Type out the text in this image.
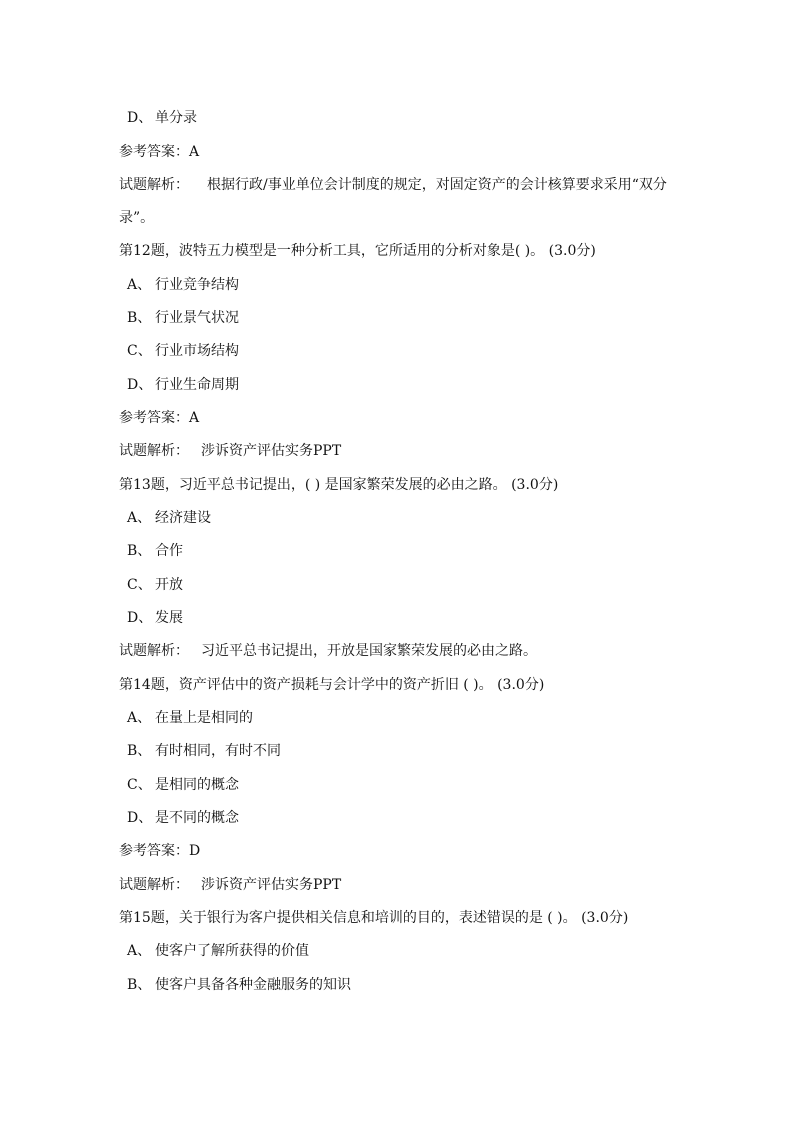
D、 单分录
参考答案：A
试题解析： 根据行政/事业单位会计制度的规定，对固定资产的会计核算要求采用“双分
录”。
第12题，波特五力模型是一种分析工具，它所适用的分析对象是( )。 (3.0分)
A、 行业竞争结构
B、 行业景气状况
C、 行业市场结构
D、 行业生命周期
参考答案：A
试题解析： 涉诉资产评估实务PPT
第13题，习近平总书记提出，( ) 是国家繁荣发展的必由之路。 (3.0分)
A、 经济建设
B、 合作
C、 开放
D、 发展
试题解析： 习近平总书记提出，开放是国家繁荣发展的必由之路。
第14题，资产评估中的资产损耗与会计学中的资产折旧 ( )。 (3.0分)
A、 在量上是相同的
B、 有时相同，有时不同
C、 是相同的概念
D、 是不同的概念
参考答案：D
试题解析： 涉诉资产评估实务PPT
第15题，关于银行为客户提供相关信息和培训的目的，表述错误的是 ( )。 (3.0分)
A、 使客户了解所获得的价值
B、 使客户具备各种金融服务的知识
